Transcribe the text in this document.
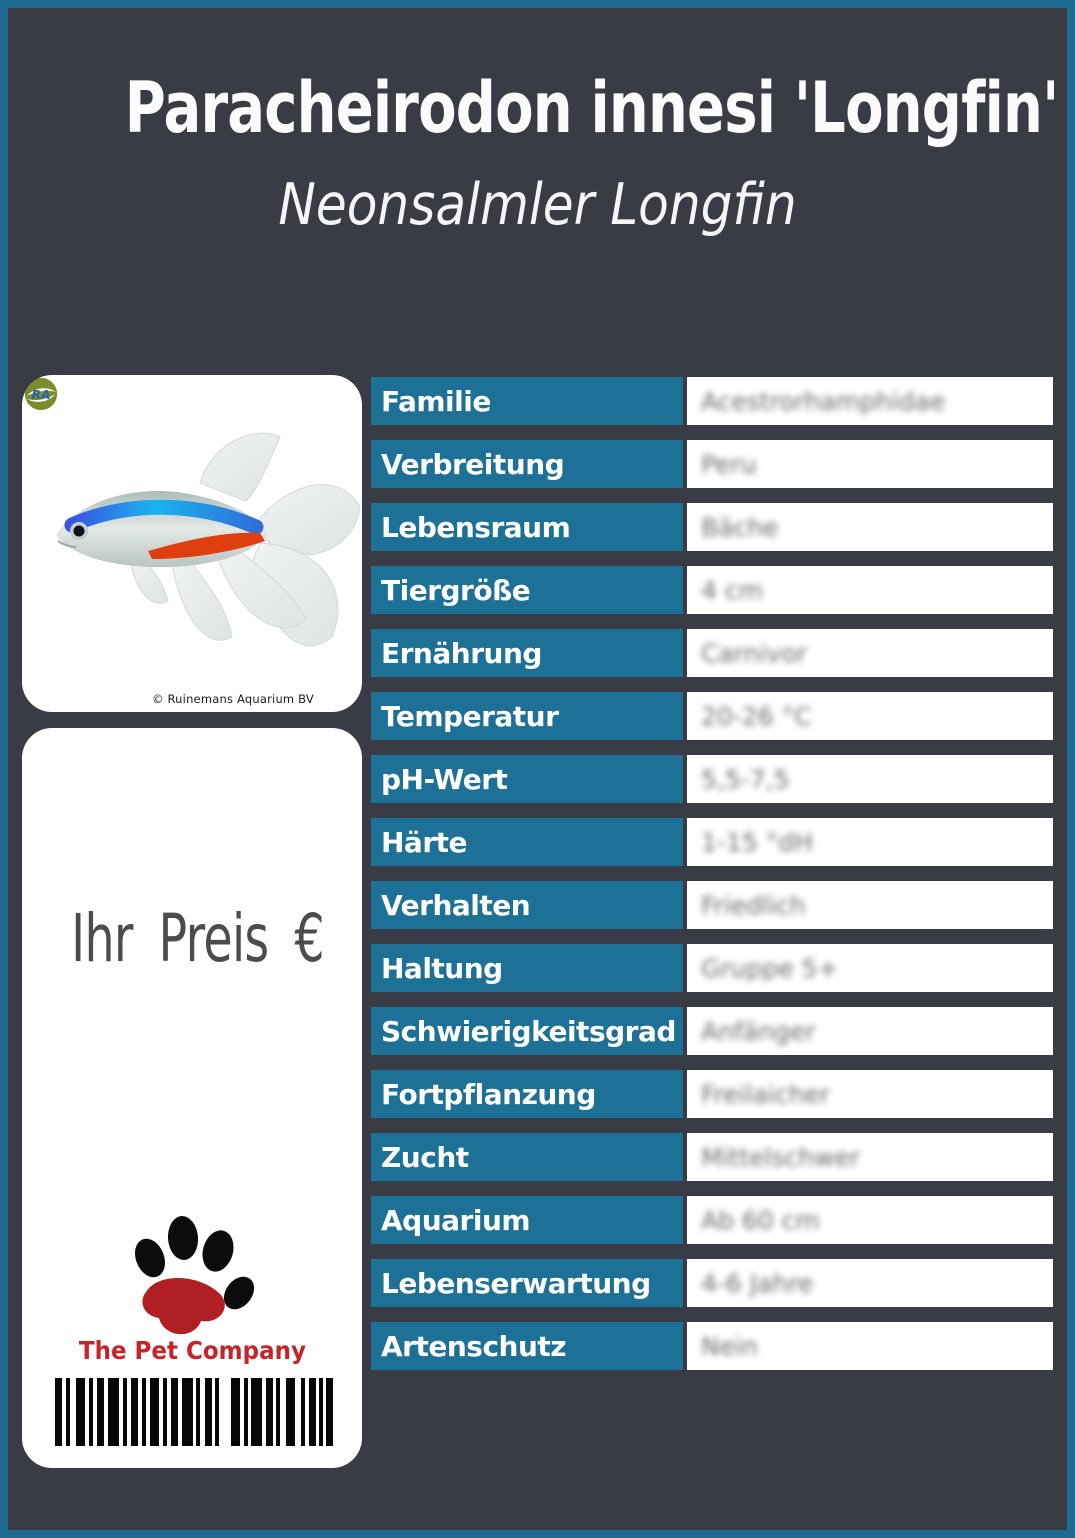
Paracheirodon innesi 'Longfin'
Neonsalmler Longfin
© Ruinemans Aquarium BV
RA
Ihr Preis €
The Pet Company
Familie	Acestrorhamphidae
Verbreitung	Peru
Lebensraum	Bäche
Tiergröße	4 cm
Ernährung	Carnivor
Temperatur	20-26 °C
pH-Wert	5,5-7,5
Härte	1-15 °dH
Verhalten	Friedlich
Haltung	Gruppe 5+
Schwierigkeitsgrad Anfänger
Fortpflanzung	Freilaicher
Zucht	Mittelschwer
Aquarium	Ab 60 cm
Lebenserwartung	4-6 Jahre
Artenschutz	Nein
